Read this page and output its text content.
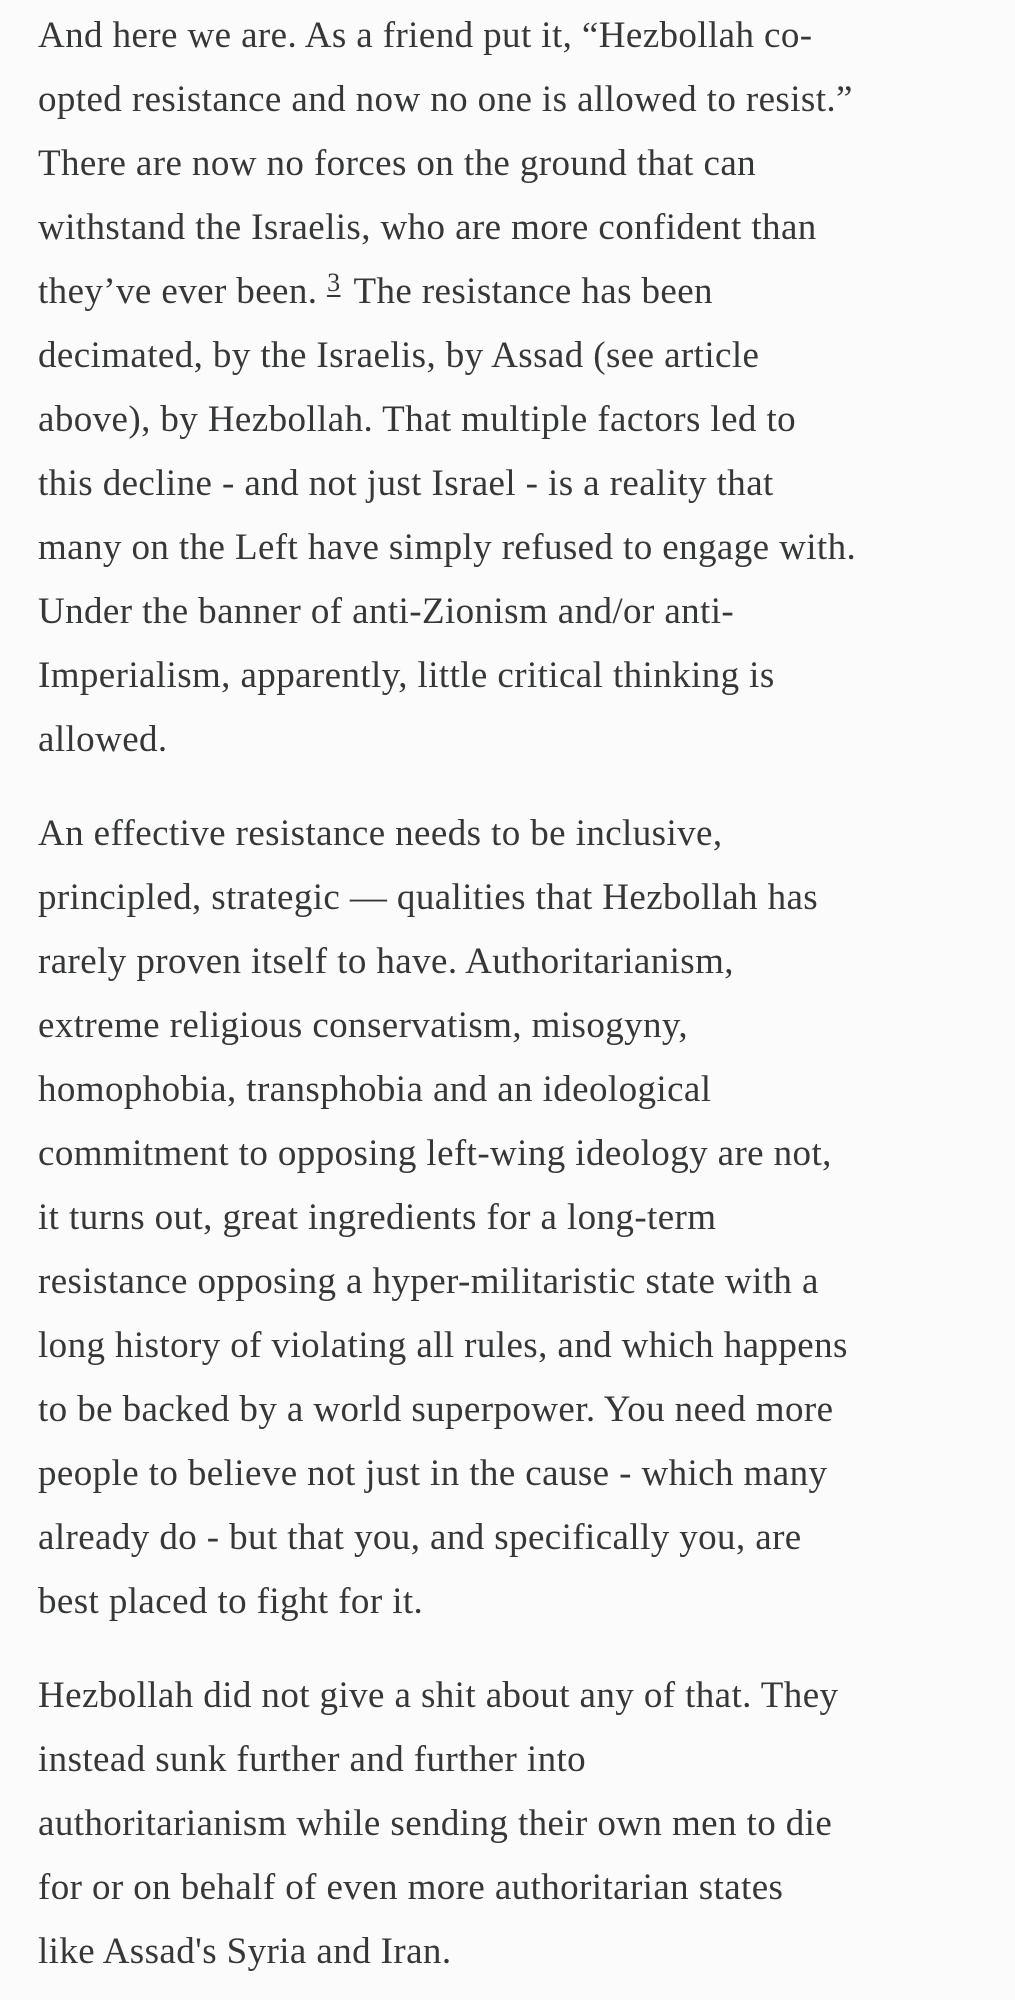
And here we are. As a friend put it, “Hezbollah co-
opted resistance and now no one is allowed to resist.”
There are now no forces on the ground that can
withstand the Israelis, who are more confident than
they’ve ever been. $^3$ The resistance has been
decimated, by the Israelis, by Assad (see article
above), by Hezbollah. That multiple factors led to
this decline - and not just Israel - is a reality that
many on the Left have simply refused to engage with.
Under the banner of anti-Zionism and/or anti-
Imperialism, apparently, little critical thinking is
allowed.

An effective resistance needs to be inclusive,
principled, strategic — qualities that Hezbollah has
rarely proven itself to have. Authoritarianism,
extreme religious conservatism, misogyny,
homophobia, transphobia and an ideological
commitment to opposing left-wing ideology are not,
it turns out, great ingredients for a long-term
resistance opposing a hyper-militaristic state with a
long history of violating all rules, and which happens
to be backed by a world superpower. You need more
people to believe not just in the cause - which many
already do - but that you, and specifically you, are
best placed to fight for it.

Hezbollah did not give a shit about any of that. They
instead sunk further and further into
authoritarianism while sending their own men to die
for or on behalf of even more authoritarian states
like Assad's Syria and Iran.
